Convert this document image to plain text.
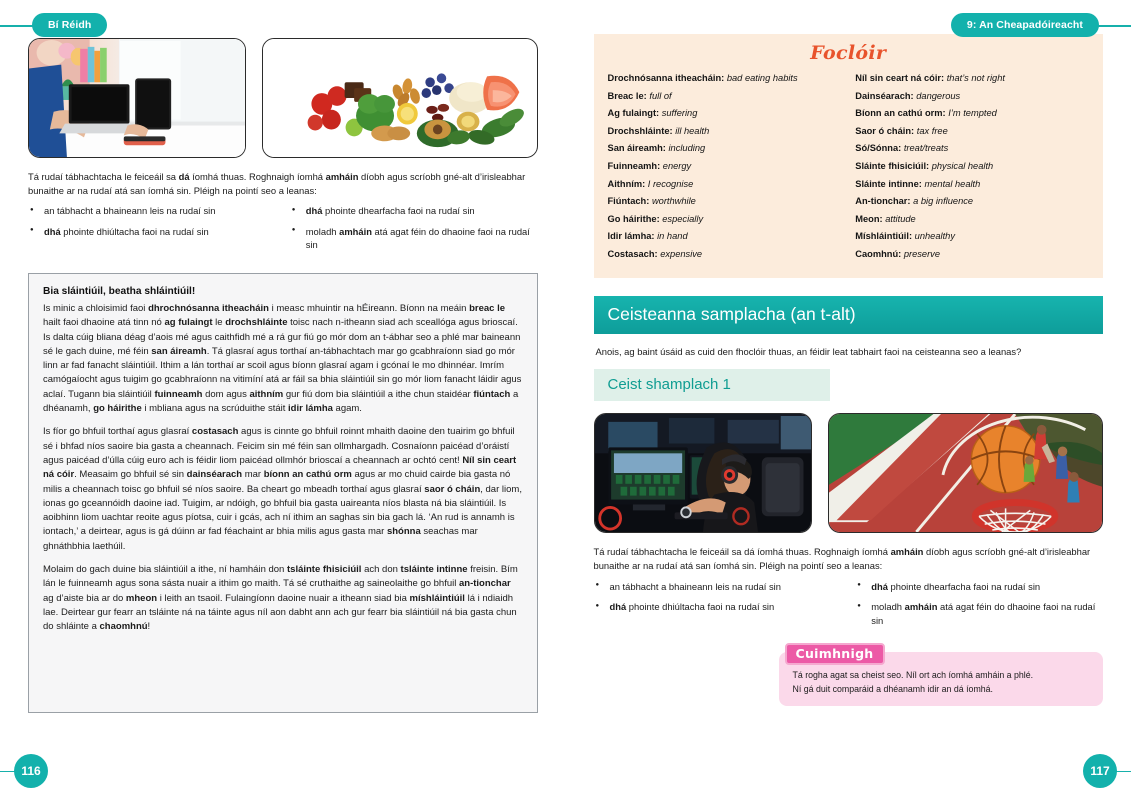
Bí Réidh

Tá rudaí tábhachtacha le feiceáil sa dá íomhá thuas. Roghnaigh íomhá amháin díobh agus scríobh gné-alt d’irisleabhar bunaithe ar na rudaí atá san íomhá sin. Pléigh na pointí seo a leanas:

● an tábhacht a bhaineann leis na rudaí sin
● dhá phointe dhiúltacha faoi na rudaí sin
● dhá phointe dhearfacha faoi na rudaí sin
● moladh amháin atá agat féin do dhaoine faoi na rudaí sin
Bia sláintiúil, beatha shláintiúil!

Is minic a chloisimid faoi dhrochnósanna itheacháin i measc mhuintir na hÉireann. Bíonn na meáin breac le hailt faoi dhaoine atá tinn nó ag fulaingt le drochshláinte toisc nach n-itheann siad ach sceallóga agus brioscaí. Is dalta cúig bliana déag d’aois mé agus caithfidh mé a rá gur fiú go mór dom an t-ábhar seo a phlé mar baineann sé le gach duine, mé féin san áireamh. Tá glasraí agus torthaí an-tábhachtach mar go gcabhraíonn siad go mór linn ar fad fanacht sláintiúil. Ithim a lán torthaí ar scoil agus bíonn glasraí agam i gcónaí le mo dhinnéar. Imrím camógaíocht agus tuigim go gcabhraíonn na vitimíní atá ar fáil sa bhia sláintiúil sin go mór liom fanacht láidir agus aclaí. Tugann bia sláintiúil fuinneamh dom agus aithním gur fiú dom bia sláintiúil a ithe chun staidéar fiúntach a dhéanamh, go háirithe i mbliana agus na scrúduithe stáit idir lámha agam.

Is fíor go bhfuil torthaí agus glasraí costasach agus is cinnte go bhfuil roinnt mhaith daoine den tuairim go bhfuil sé i bhfad níos saoire bia gasta a cheannach. Feicim sin mé féin san ollmhargadh. Cosnaíonn paicéad d’oráistí agus paicéad d’úlla cúig euro ach is féidir liom paicéad ollmhór brioscaí a cheannach ar ochtó cent! Níl sin ceart ná cóir. Measaim go bhfuil sé sin dainséarach mar bíonn an cathú orm agus ar mo chuid cairde bia gasta nó milis a cheannach toisc go bhfuil sé níos saoire. Ba cheart go mbeadh torthaí agus glasraí saor ó cháin, dar liom, ionas go gceannóidh daoine iad. Tuigim, ar ndóigh, go bhfuil bia gasta uaireanta níos blasta ná bia sláintiúil. Is aoibhinn liom uachtar reoite agus píotsa, cuir i gcás, ach ní ithim an saghas sin bia gach lá. ‘An rud is annamh is iontach,’ a deirtear, agus is gá dúinn ar fad féachaint ar bhia milis agus gasta mar shónna seachas mar ghnáthbhia laethúil.

Molaim do gach duine bia sláintiúil a ithe, ní hamháin don tsláinte fhisiciúil ach don tsláinte intinne freisin. Bím lán le fuinneamh agus sona sásta nuair a ithim go maith. Tá sé cruthaithe ag saineolaithe go bhfuil an-tionchar ag d’aiste bia ar do mheon i leith an tsaoil. Fulaingíonn daoine nuair a itheann siad bia míshláintiúil lá i ndiaidh lae. Deirtear gur fearr an tsláinte ná na táinte agus níl aon dabht ann ach gur fearr bia sláintiúil ná bia gasta chun do shláinte a chaomhnú!

116
9: An Cheapadóireacht
Foclóir
Drochnósanna itheacháin: bad eating habits
Breac le: full of
Ag fulaingt: suffering
Drochshláinte: ill health
San áireamh: including
Fuinneamh: energy
Aithním: I recognise
Fiúntach: worthwhile
Go háirithe: especially
Idir lámha: in hand
Costasach: expensive
Níl sin ceart ná cóir: that’s not right
Dainséarach: dangerous
Bíonn an cathú orm: I’m tempted
Saor ó cháin: tax free
Só/Sónna: treat/treats
Sláinte fhisiciúil: physical health
Sláinte intinne: mental health
An-tionchar: a big influence
Meon: attitude
Míshláintiúil: unhealthy
Caomhnú: preserve
Ceisteanna samplacha (an t-alt)

Anois, ag baint úsáid as cuid den fhoclóir thuas, an féidir leat tabhairt faoi na ceisteanna seo a leanas?

Ceist shamplach 1

Tá rudaí tábhachtacha le feiceáil sa dá íomhá thuas. Roghnaigh íomhá amháin díobh agus scríobh gné-alt d’irisleabhar bunaithe ar na rudaí atá san íomhá sin. Pléigh na pointí seo a leanas:

● an tábhacht a bhaineann leis na rudaí sin
● dhá phointe dhiúltacha faoi na rudaí sin
● dhá phointe dhearfacha faoi na rudaí sin
● moladh amháin atá agat féin do dhaoine faoi na rudaí sin
Cuimhnigh
Tá rogha agat sa cheist seo. Níl ort ach íomhá amháin a phlé.
Ní gá duit comparáid a dhéanamh idir an dá íomhá.
117
